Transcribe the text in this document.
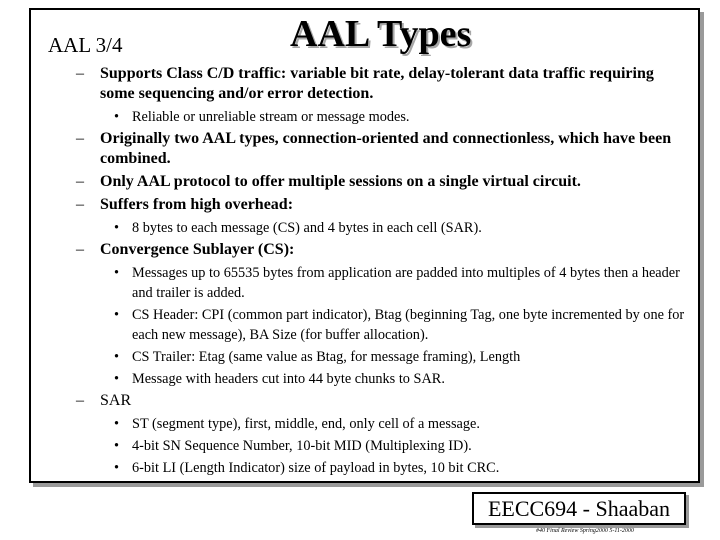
AAL 3/4	AAL Types
– Supports Class C/D traffic: variable bit rate, delay-tolerant data traffic requiring some sequencing and/or error detection.
• Reliable or unreliable stream or message modes.
– Originally two AAL types, connection-oriented and connectionless, which have been combined.
– Only AAL protocol to offer multiple sessions on a single virtual circuit.
– Suffers from high overhead:
• 8 bytes to each message (CS) and 4 bytes in each cell (SAR).
– Convergence Sublayer (CS):
• Messages up to 65535 bytes from application are padded into multiples of 4 bytes then a header and trailer is added.
• CS Header: CPI (common part indicator), Btag (beginning Tag, one byte incremented by one for each new message), BA Size (for buffer allocation).
• CS Trailer: Etag (same value as Btag, for message framing), Length
• Message with headers cut into 44 byte chunks to SAR.
– SAR
• ST (segment type), first, middle, end, only cell of a message.
• 4-bit SN Sequence Number, 10-bit MID (Multiplexing ID).
• 6-bit LI (Length Indicator) size of payload in bytes, 10 bit CRC.
EECC694 - Shaaban
#40 Final Review Spring2000 5-11-2000
